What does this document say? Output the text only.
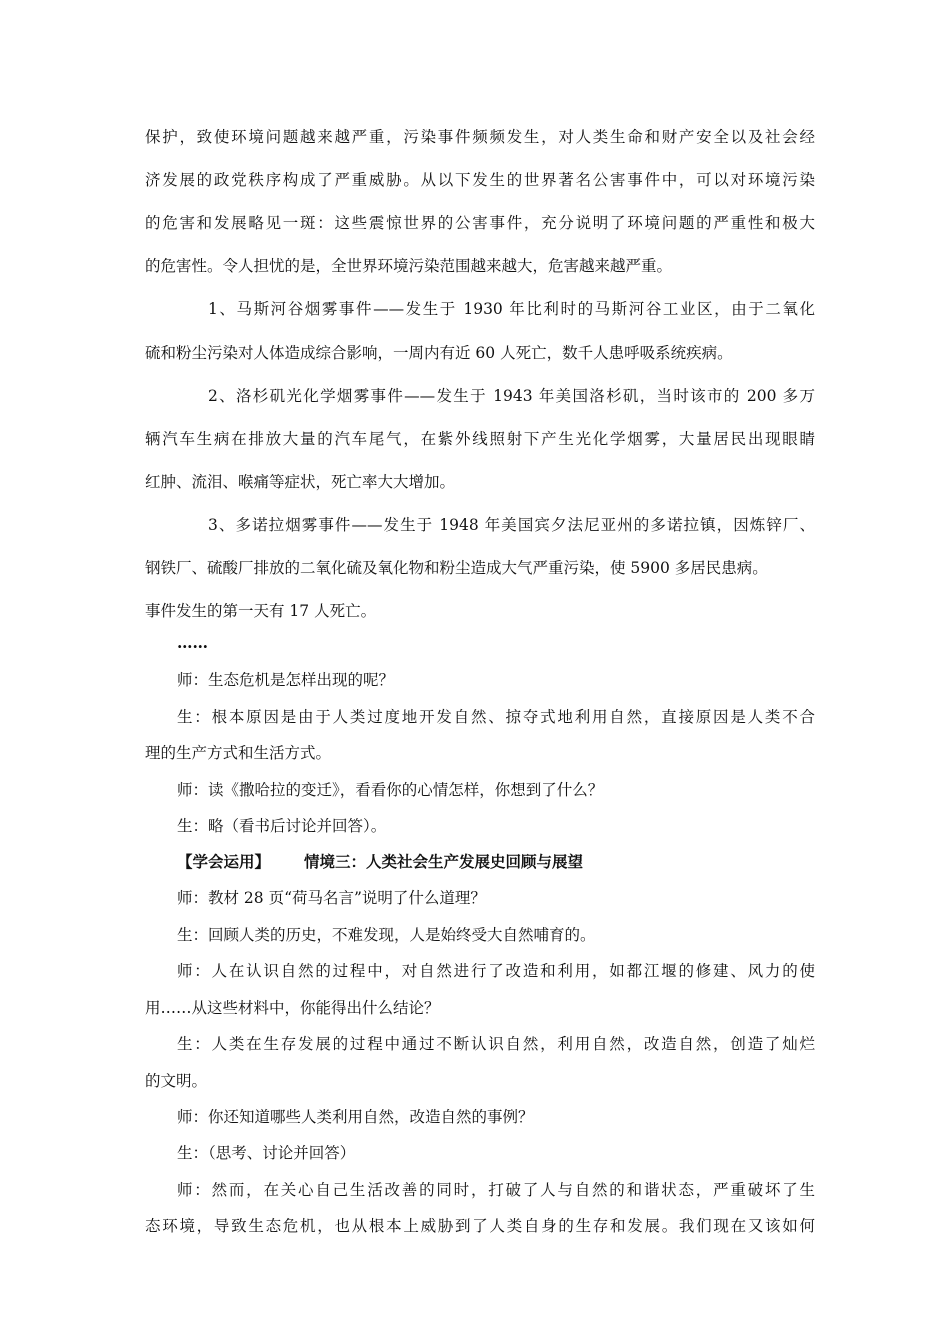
保护，致使环境问题越来越严重，污染事件频频发生，对人类生命和财产安全以及社会经
济发展的政党秩序构成了严重威胁。从以下发生的世界著名公害事件中，可以对环境污染
的危害和发展略见一斑：这些震惊世界的公害事件，充分说明了环境问题的严重性和极大
的危害性。令人担忧的是，全世界环境污染范围越来越大，危害越来越严重。
1、马斯河谷烟雾事件——发生于 1930 年比利时的马斯河谷工业区，由于二氧化
硫和粉尘污染对人体造成综合影响，一周内有近 60 人死亡，数千人患呼吸系统疾病。
2、洛杉矶光化学烟雾事件——发生于 1943 年美国洛杉矶，当时该市的 200 多万
辆汽车生病在排放大量的汽车尾气，在紫外线照射下产生光化学烟雾，大量居民出现眼睛
红肿、流泪、喉痛等症状，死亡率大大增加。
3、多诺拉烟雾事件——发生于 1948 年美国宾夕法尼亚州的多诺拉镇，因炼锌厂、
钢铁厂、硫酸厂排放的二氧化硫及氧化物和粉尘造成大气严重污染，使 5900 多居民患病。
事件发生的第一天有 17 人死亡。
……
师：生态危机是怎样出现的呢？
生：根本原因是由于人类过度地开发自然、掠夺式地利用自然，直接原因是人类不合
理的生产方式和生活方式。
师：读《撒哈拉的变迁》，看看你的心情怎样，你想到了什么？
生：略（看书后讨论并回答）。
【学会运用】 情境三：人类社会生产发展史回顾与展望
师：教材 28 页“荷马名言”说明了什么道理？
生：回顾人类的历史，不难发现，人是始终受大自然哺育的。
师：人在认识自然的过程中，对自然进行了改造和利用，如都江堰的修建、风力的使
用……从这些材料中，你能得出什么结论？
生：人类在生存发展的过程中通过不断认识自然，利用自然，改造自然，创造了灿烂
的文明。
师：你还知道哪些人类利用自然，改造自然的事例？
生：（思考、讨论并回答）
师：然而，在关心自己生活改善的同时，打破了人与自然的和谐状态，严重破坏了生
态环境，导致生态危机，也从根本上威胁到了人类自身的生存和发展。我们现在又该如何
